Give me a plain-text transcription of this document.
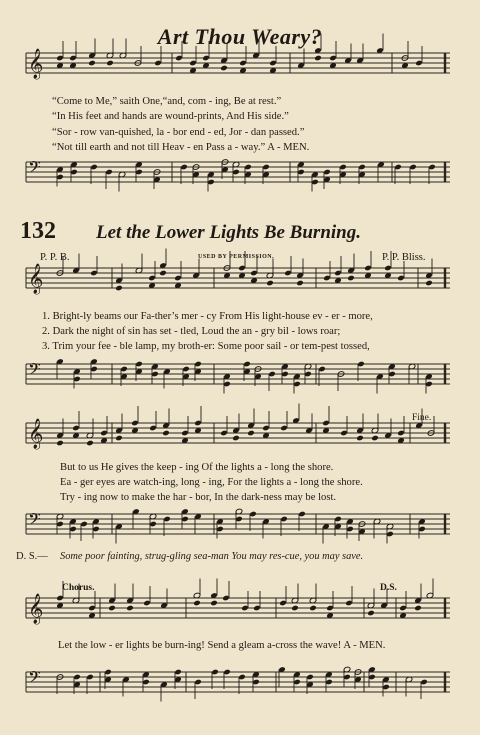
Art Thou Weary?
𝄞
𝄢
𝄞
𝄢
𝄞
𝄢
𝄞
𝄢
“Come to Me,” saith One,“and, com - ing, Be at rest.”
“In His feet and hands are wound-prints, And His side.”
“Sor - row van-quished, la - bor end - ed, Jor - dan passed.”
“Not till earth and not till Heav - en Pass a - way.” A - MEN.
132 Let the Lower Lights Be Burning.
P. P. B.	USED BY PERMISSION.	P. P. Bliss.
1. Bright-ly beams our Fa-ther’s mer - cy From His light-house ev - er - more,
2. Dark the night of sin has set - tled, Loud the an - gry bil - lows roar;
3. Trim your fee - ble lamp, my broth-er: Some poor sail - or tem-pest tossed,
Fine.
But to us He gives the keep - ing Of the lights a - long the shore.
Ea - ger eyes are watch-ing, long - ing, For the lights a - long the shore.
Try - ing now to make the har - bor, In the dark-ness may be lost.
D. S.— Some poor fainting, strug-gling sea-man You may res-cue, you may save.
Chorus.	D.S.
Let the low - er lights be burn-ing! Send a gleam a-cross the wave! A - MEN.
